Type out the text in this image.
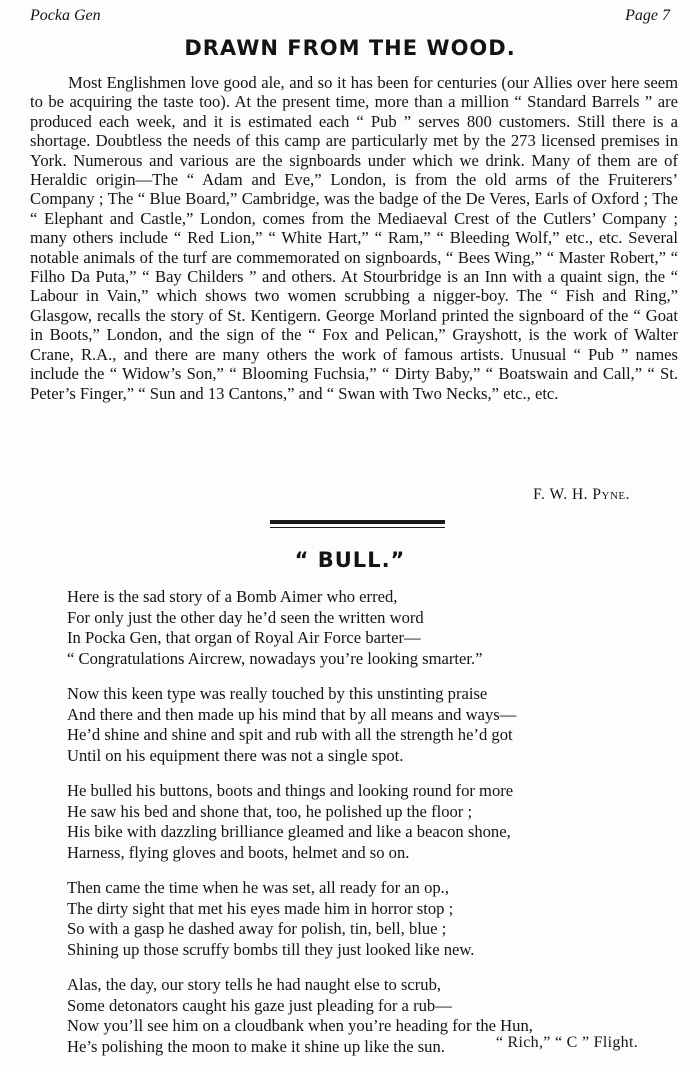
Pocka Gen	Page 7
DRAWN FROM THE WOOD.

Most Englishmen love good ale, and so it has been for centuries (our Allies over here seem to be acquiring the taste too). At the present time, more than a million “ Standard Barrels ” are produced each week, and it is estimated each “ Pub ” serves 800 customers. Still there is a shortage. Doubtless the needs of this camp are particularly met by the 273 licensed premises in York. Numerous and various are the signboards under which we drink. Many of them are of Heraldic origin—The “ Adam and Eve,” London, is from the old arms of the Fruiterers’ Company ; The “ Blue Board,” Cambridge, was the badge of the De Veres, Earls of Oxford ; The “ Elephant and Castle,” London, comes from the Mediaeval Crest of the Cutlers’ Company ; many others include “ Red Lion,” “ White Hart,” “ Ram,” “ Bleeding Wolf,” etc., etc. Several notable animals of the turf are commemorated on signboards, “ Bees Wing,” “ Master Robert,” “ Filho Da Puta,” “ Bay Childers ” and others. At Stourbridge is an Inn with a quaint sign, the “ Labour in Vain,” which shows two women scrubbing a nigger-boy. The “ Fish and Ring,” Glasgow, recalls the story of St. Kentigern. George Morland printed the signboard of the “ Goat in Boots,” London, and the sign of the “ Fox and Pelican,” Grayshott, is the work of Walter Crane, R.A., and there are many others the work of famous artists. Unusual “ Pub ” names include the “ Widow’s Son,” “ Blooming Fuchsia,” “ Dirty Baby,” “ Boatswain and Call,” “ St. Peter’s Finger,” “ Sun and 13 Cantons,” and “ Swan with Two Necks,” etc., etc.

F. W. H. Pyne.
“ BULL.”
Here is the sad story of a Bomb Aimer who erred,
For only just the other day he’d seen the written word
In Pocka Gen, that organ of Royal Air Force barter—
“ Congratulations Aircrew, nowadays you’re looking smarter.”
Now this keen type was really touched by this unstinting praise
And there and then made up his mind that by all means and ways—
He’d shine and shine and spit and rub with all the strength he’d got
Until on his equipment there was not a single spot.
He bulled his buttons, boots and things and looking round for more
He saw his bed and shone that, too, he polished up the floor ;
His bike with dazzling brilliance gleamed and like a beacon shone,
Harness, flying gloves and boots, helmet and so on.
Then came the time when he was set, all ready for an op.,
The dirty sight that met his eyes made him in horror stop ;
So with a gasp he dashed away for polish, tin, bell, blue ;
Shining up those scruffy bombs till they just looked like new.
Alas, the day, our story tells he had naught else to scrub,
Some detonators caught his gaze just pleading for a rub—
Now you’ll see him on a cloudbank when you’re heading for the Hun,
He’s polishing the moon to make it shine up like the sun.	“ Rich,” “ C ” Flight.
